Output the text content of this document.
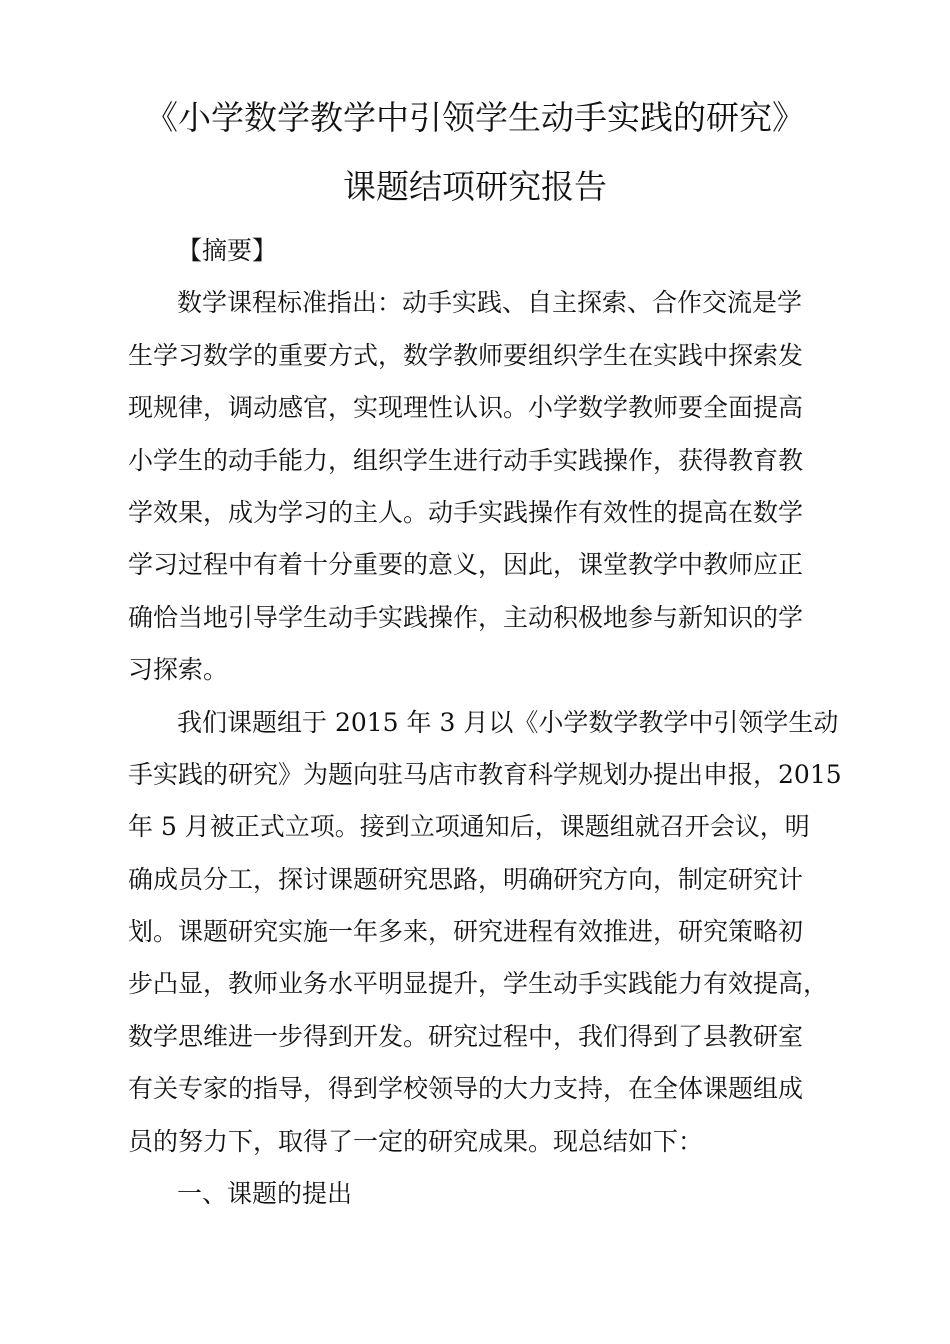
《小学数学教学中引领学生动手实践的研究》
课题结项研究报告
【摘要】
数学课程标准指出：动手实践、自主探索、合作交流是学
生学习数学的重要方式，数学教师要组织学生在实践中探索发
现规律，调动感官，实现理性认识。小学数学教师要全面提高
小学生的动手能力，组织学生进行动手实践操作，获得教育教
学效果，成为学习的主人。动手实践操作有效性的提高在数学
学习过程中有着十分重要的意义，因此，课堂教学中教师应正
确恰当地引导学生动手实践操作，主动积极地参与新知识的学
习探索。
我们课题组于 2015 年 3 月以《小学数学教学中引领学生动
手实践的研究》为题向驻马店市教育科学规划办提出申报，2015
年 5 月被正式立项。接到立项通知后，课题组就召开会议，明
确成员分工，探讨课题研究思路，明确研究方向，制定研究计
划。课题研究实施一年多来，研究进程有效推进，研究策略初
步凸显，教师业务水平明显提升，学生动手实践能力有效提高，
数学思维进一步得到开发。研究过程中，我们得到了县教研室
有关专家的指导，得到学校领导的大力支持，在全体课题组成
员的努力下，取得了一定的研究成果。现总结如下：
一、课题的提出
